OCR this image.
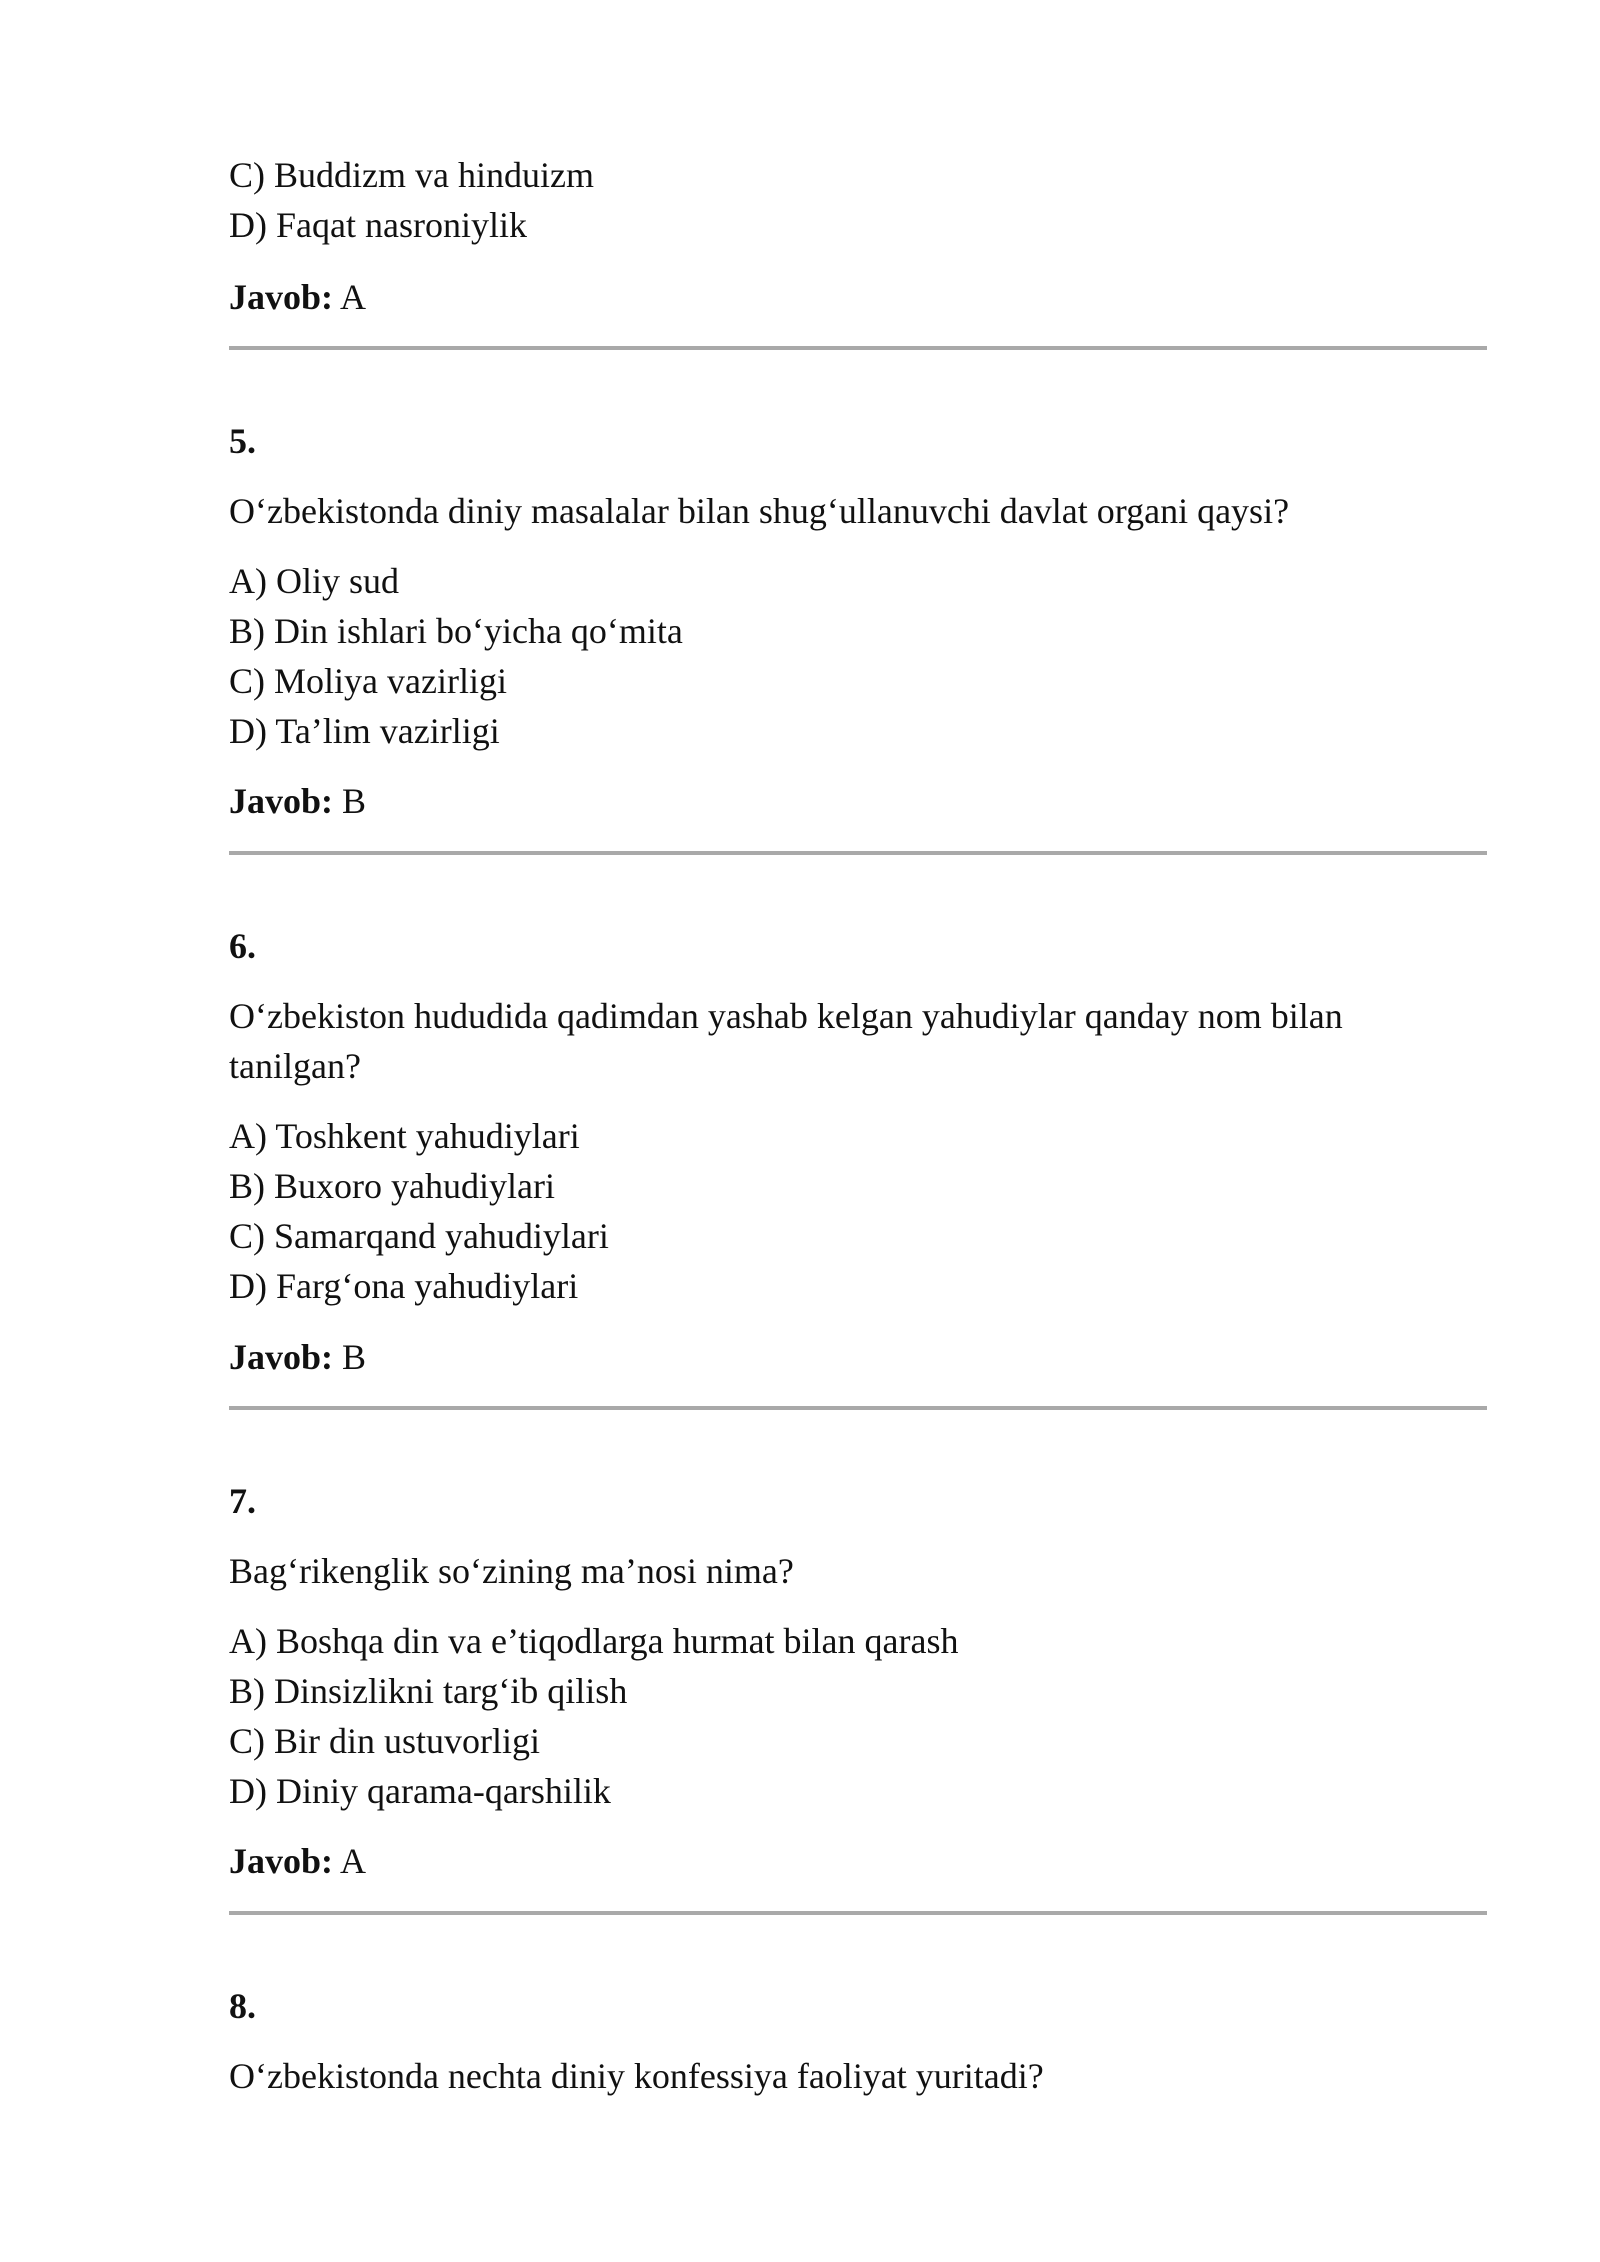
C) Buddizm va hinduizm
D) Faqat nasroniylik
Javob: A
5.
O‘zbekistonda diniy masalalar bilan shug‘ullanuvchi davlat organi qaysi?
A) Oliy sud
B) Din ishlari bo‘yicha qo‘mita
C) Moliya vazirligi
D) Ta’lim vazirligi
Javob: B
6.
O‘zbekiston hududida qadimdan yashab kelgan yahudiylar qanday nom bilan
tanilgan?
A) Toshkent yahudiylari
B) Buxoro yahudiylari
C) Samarqand yahudiylari
D) Farg‘ona yahudiylari
Javob: B
7.
Bag‘rikenglik so‘zining ma’nosi nima?
A) Boshqa din va e’tiqodlarga hurmat bilan qarash
B) Dinsizlikni targ‘ib qilish
C) Bir din ustuvorligi
D) Diniy qarama-qarshilik
Javob: A
8.
O‘zbekistonda nechta diniy konfessiya faoliyat yuritadi?
